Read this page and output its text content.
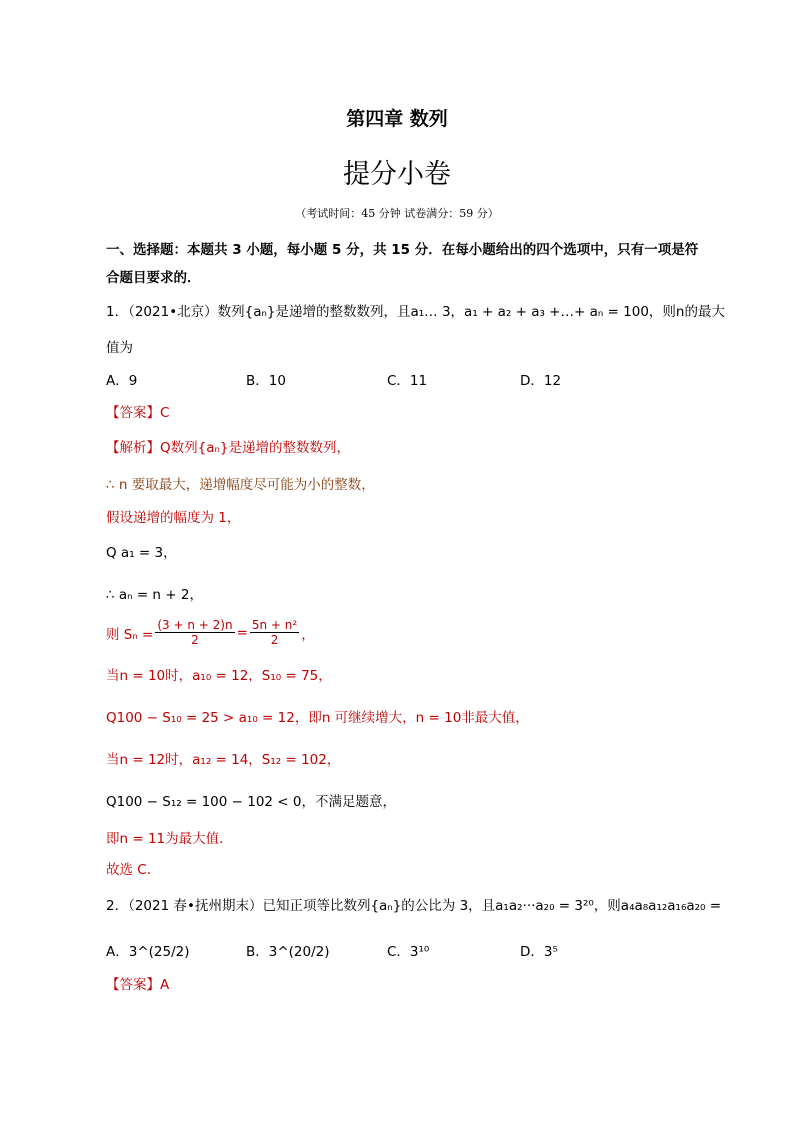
第四章 数列
提分小卷
（考试时间：45 分钟 试卷满分：59 分）
一、选择题：本题共 3 小题，每小题 5 分，共 15 分．在每小题给出的四个选项中，只有一项是符
合题目要求的．
1．（2021•北京）数列{aₙ}是递增的整数数列，且a₁… 3，a₁ + a₂ + a₃ +…+ aₙ = 100，则n的最大
值为
A．9	B．10	C．11	D．12
【答案】C
【解析】Q数列{aₙ}是递增的整数数列，
∴ n 要取最大，递增幅度尽可能为小的整数，
假设递增的幅度为 1，
Q a₁ = 3，
∴ aₙ = n + 2，
则 $S_n = \frac{(3 + n + 2)n}{2} = \frac{\text{5n + n²}}{2}$ ，
当n = 10时，a₁₀ = 12，S₁₀ = 75，
Q100 − S₁₀ = 25 > a₁₀ = 12，即n 可继续增大，n = 10非最大值，
当n = 12时，a₁₂ = 14，S₁₂ = 102，
Q100 − S₁₂ = 100 − 102 < 0，不满足题意，
即n = 11为最大值．
故选 C．
2．（2021 春•抚州期末）已知正项等比数列{aₙ}的公比为 3，且a₁a₂···a₂₀ = 3²⁰，则a₄a₈a₁₂a₁₆a₂₀ =
A．3^(25/2)	B．3^(20/2)	C．3¹⁰	D．3⁵
【答案】A
